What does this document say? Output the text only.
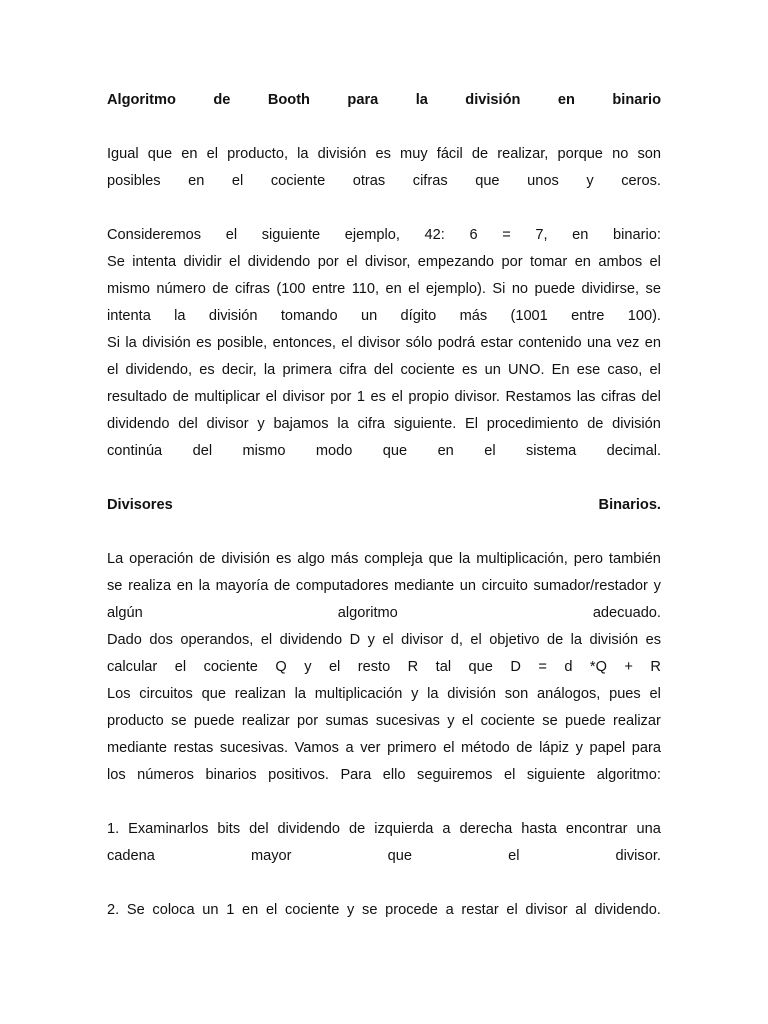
Algoritmo	de	Booth	para	la	división	en	binario
Igual que en el producto, la división es muy fácil de realizar, porque no son
posibles en el cociente otras cifras que unos y ceros.
Consideremos el siguiente ejemplo, 42: 6 = 7, en binario:
Se intenta dividir el dividendo por el divisor, empezando por tomar en ambos el
mismo número de cifras (100 entre 110, en el ejemplo). Si no puede dividirse, se
intenta la división tomando un dígito más (1001 entre 100).
Si la división es posible, entonces, el divisor sólo podrá estar contenido una vez en
el dividendo, es decir, la primera cifra del cociente es un UNO. En ese caso, el
resultado de multiplicar el divisor por 1 es el propio divisor. Restamos las cifras del
dividendo del divisor y bajamos la cifra siguiente. El procedimiento de división
continúa del mismo modo que en el sistema decimal.
Divisores	Binarios.
La operación de división es algo más compleja que la multiplicación, pero también
se realiza en la mayoría de computadores mediante un circuito sumador/restador y
algún	algoritmo	adecuado.
Dado dos operandos, el dividendo D y el divisor d, el objetivo de la división es
calcular el cociente Q y el resto R tal que D = d *Q + R
Los circuitos que realizan la multiplicación y la división son análogos, pues el
producto se puede realizar por sumas sucesivas y el cociente se puede realizar
mediante restas sucesivas. Vamos a ver primero el método de lápiz y papel para
los números binarios positivos. Para ello seguiremos el siguiente algoritmo:
1. Examinarlos bits del dividendo de izquierda a derecha hasta encontrar una
cadena	mayor	que	el	divisor.
2. Se coloca un 1 en el cociente y se procede a restar el divisor al dividendo.
